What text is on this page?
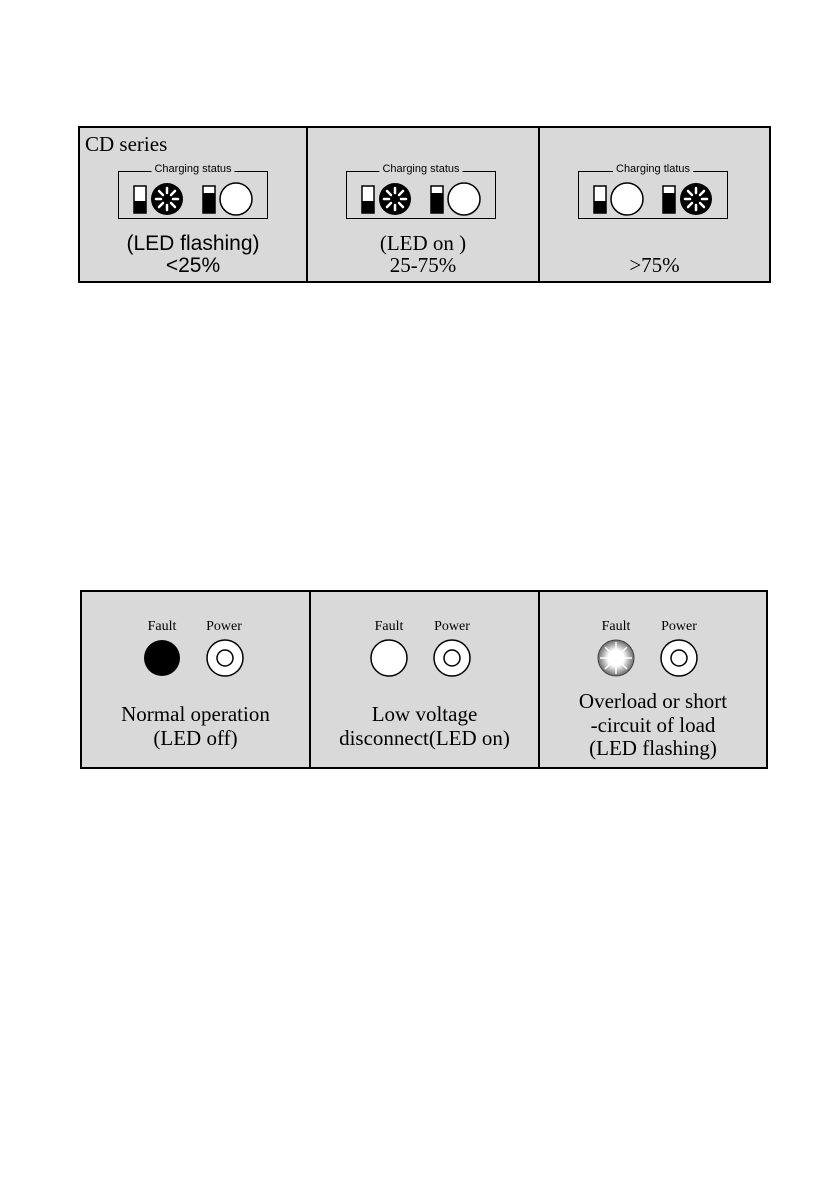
CD series
Charging status
(LED flashing)
<25%
Charging status
(LED on )
25-75%
Charging tlatus
>75%
Fault	Power
Normal operation
(LED off)
Fault	Power
Low voltage
disconnect(LED on)
Fault	Power
Overload or short
-circuit of load
(LED flashing)
